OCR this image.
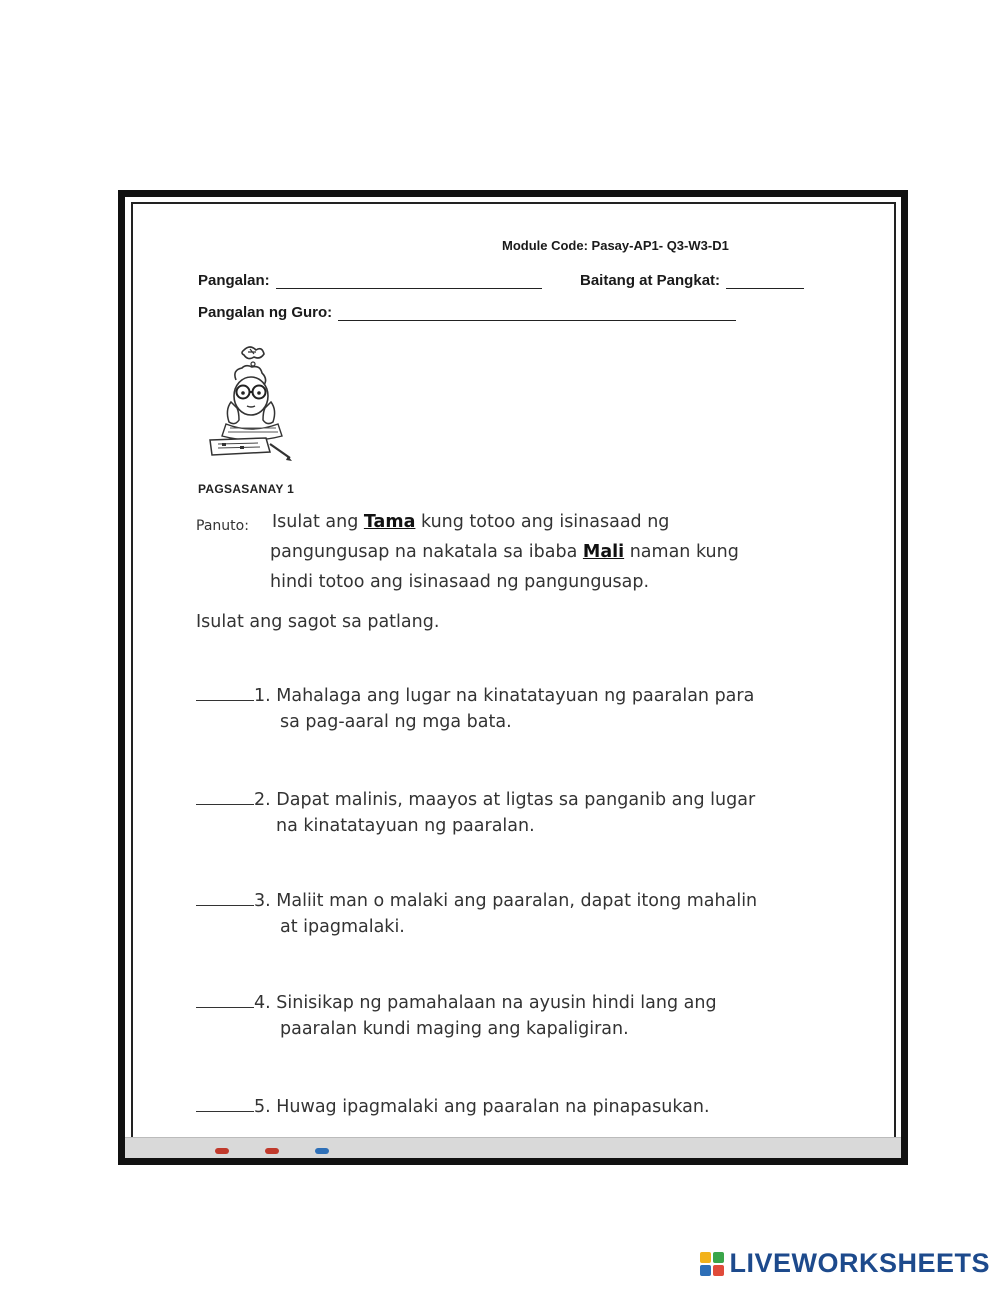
Module Code: Pasay-AP1- Q3-W3-D1
Pangalan:	Baitang at Pangkat:
Pangalan ng Guro:
PAGSASANAY 1
Panuto: Isulat ang Tama kung totoo ang isinasaad ng
pangungusap na nakatala sa ibaba Mali naman kung
hindi totoo ang isinasaad ng pangungusap.
Isulat ang sagot sa patlang.
1. Mahalaga ang lugar na kinatatayuan ng paaralan para
sa pag-aaral ng mga bata.
2. Dapat malinis, maayos at ligtas sa panganib ang lugar
na kinatatayuan ng paaralan.
3. Maliit man o malaki ang paaralan, dapat itong mahalin
at ipagmalaki.
4. Sinisikap ng pamahalaan na ayusin hindi lang ang
paaralan kundi maging ang kapaligiran.
5. Huwag ipagmalaki ang paaralan na pinapasukan.
LIVEWORKSHEETS
